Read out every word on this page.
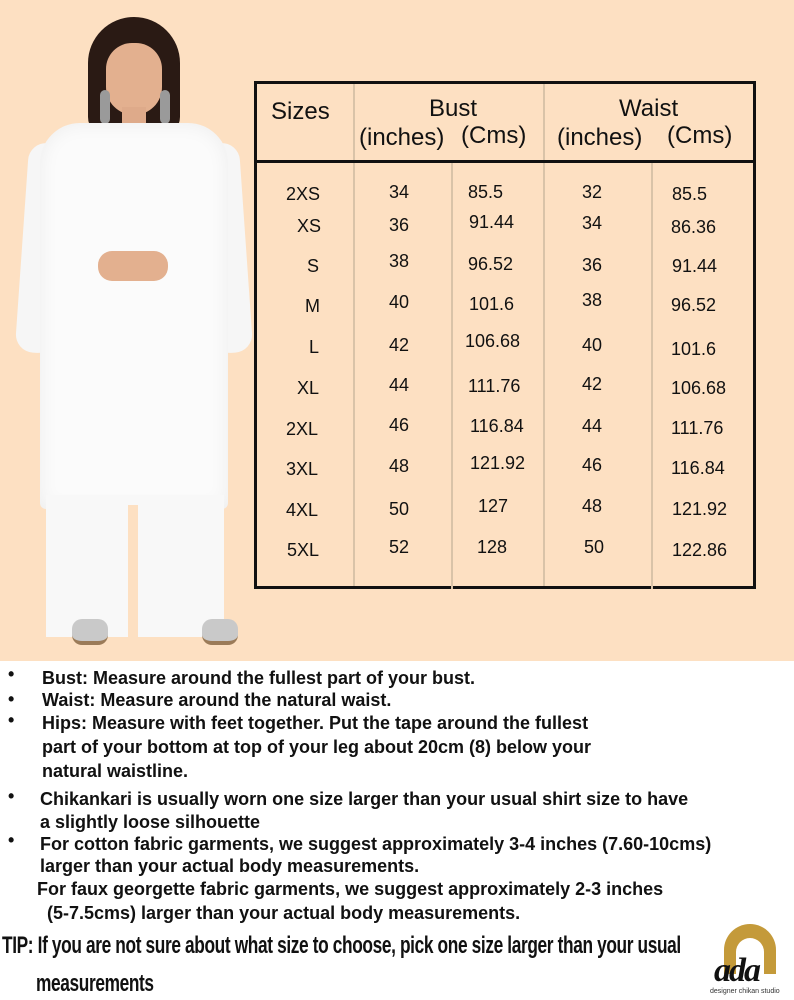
Sizes	Bust
(inches) (Cms)
Waist
(inches) (Cms)
2XS	34	85.5	32	85.5
XS	36	91.44	34	86.36
S	38	96.52	36	91.44
M	40	101.6	38	96.52
L	42	106.68	40	101.6
XL	44	111.76	42	106.68
2XL	46	116.84	44	111.76
3XL	48	121.92	46	116.84
4XL	50	127	48	121.92
5XL	52	128	50	122.86
• Bust: Measure around the fullest part of your bust.
• Waist: Measure around the natural waist.
• Hips: Measure with feet together. Put the tape around the fullest
part of your bottom at top of your leg about 20cm (8) below your
natural waistline.
• Chikankari is usually worn one size larger than your usual shirt size to have
a slightly loose silhouette
• For cotton fabric garments, we suggest approximately 3-4 inches (7.60-10cms)
larger than your actual body measurements.
For faux georgette fabric garments, we suggest approximately 2-3 inches
(5-7.5cms) larger than your actual body measurements.
TIP: If you are not sure about what size to choose, pick one size larger than your usual
measurements	ada
designer chikan studio
